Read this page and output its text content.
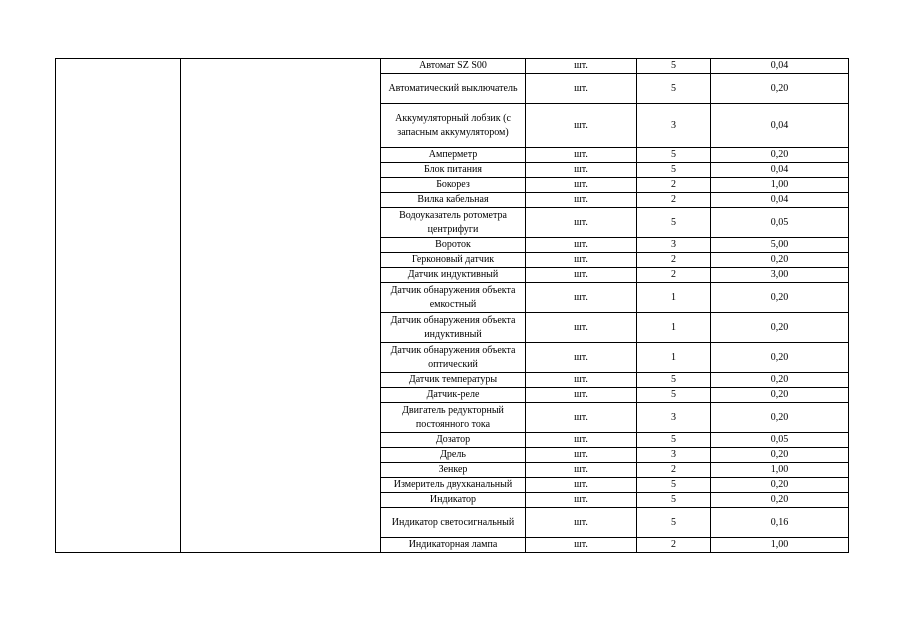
		Автомат SZ S00	шт.	5	0,04
		Автоматический выключатель	шт.	5	0,20
		Аккумуляторный лобзик (с запасным аккумулятором)	шт.	3	0,04
		Амперметр	шт.	5	0,20
		Блок питания	шт.	5	0,04
		Бокорез	шт.	2	1,00
		Вилка кабельная	шт.	2	0,04
		Водоуказатель ротометра центрифуги	шт.	5	0,05
		Вороток	шт.	3	5,00
		Герконовый датчик	шт.	2	0,20
		Датчик индуктивный	шт.	2	3,00
		Датчик обнаружения объекта емкостный	шт.	1	0,20
		Датчик обнаружения объекта индуктивный	шт.	1	0,20
		Датчик обнаружения объекта оптический	шт.	1	0,20
		Датчик температуры	шт.	5	0,20
		Датчик-реле	шт.	5	0,20
		Двигатель редукторный постоянного тока	шт.	3	0,20
		Дозатор	шт.	5	0,05
		Дрель	шт.	3	0,20
		Зенкер	шт.	2	1,00
		Измеритель двухканальный	шт.	5	0,20
		Индикатор	шт.	5	0,20
		Индикатор светосигнальный	шт.	5	0,16
		Индикаторная лампа	шт.	2	1,00
